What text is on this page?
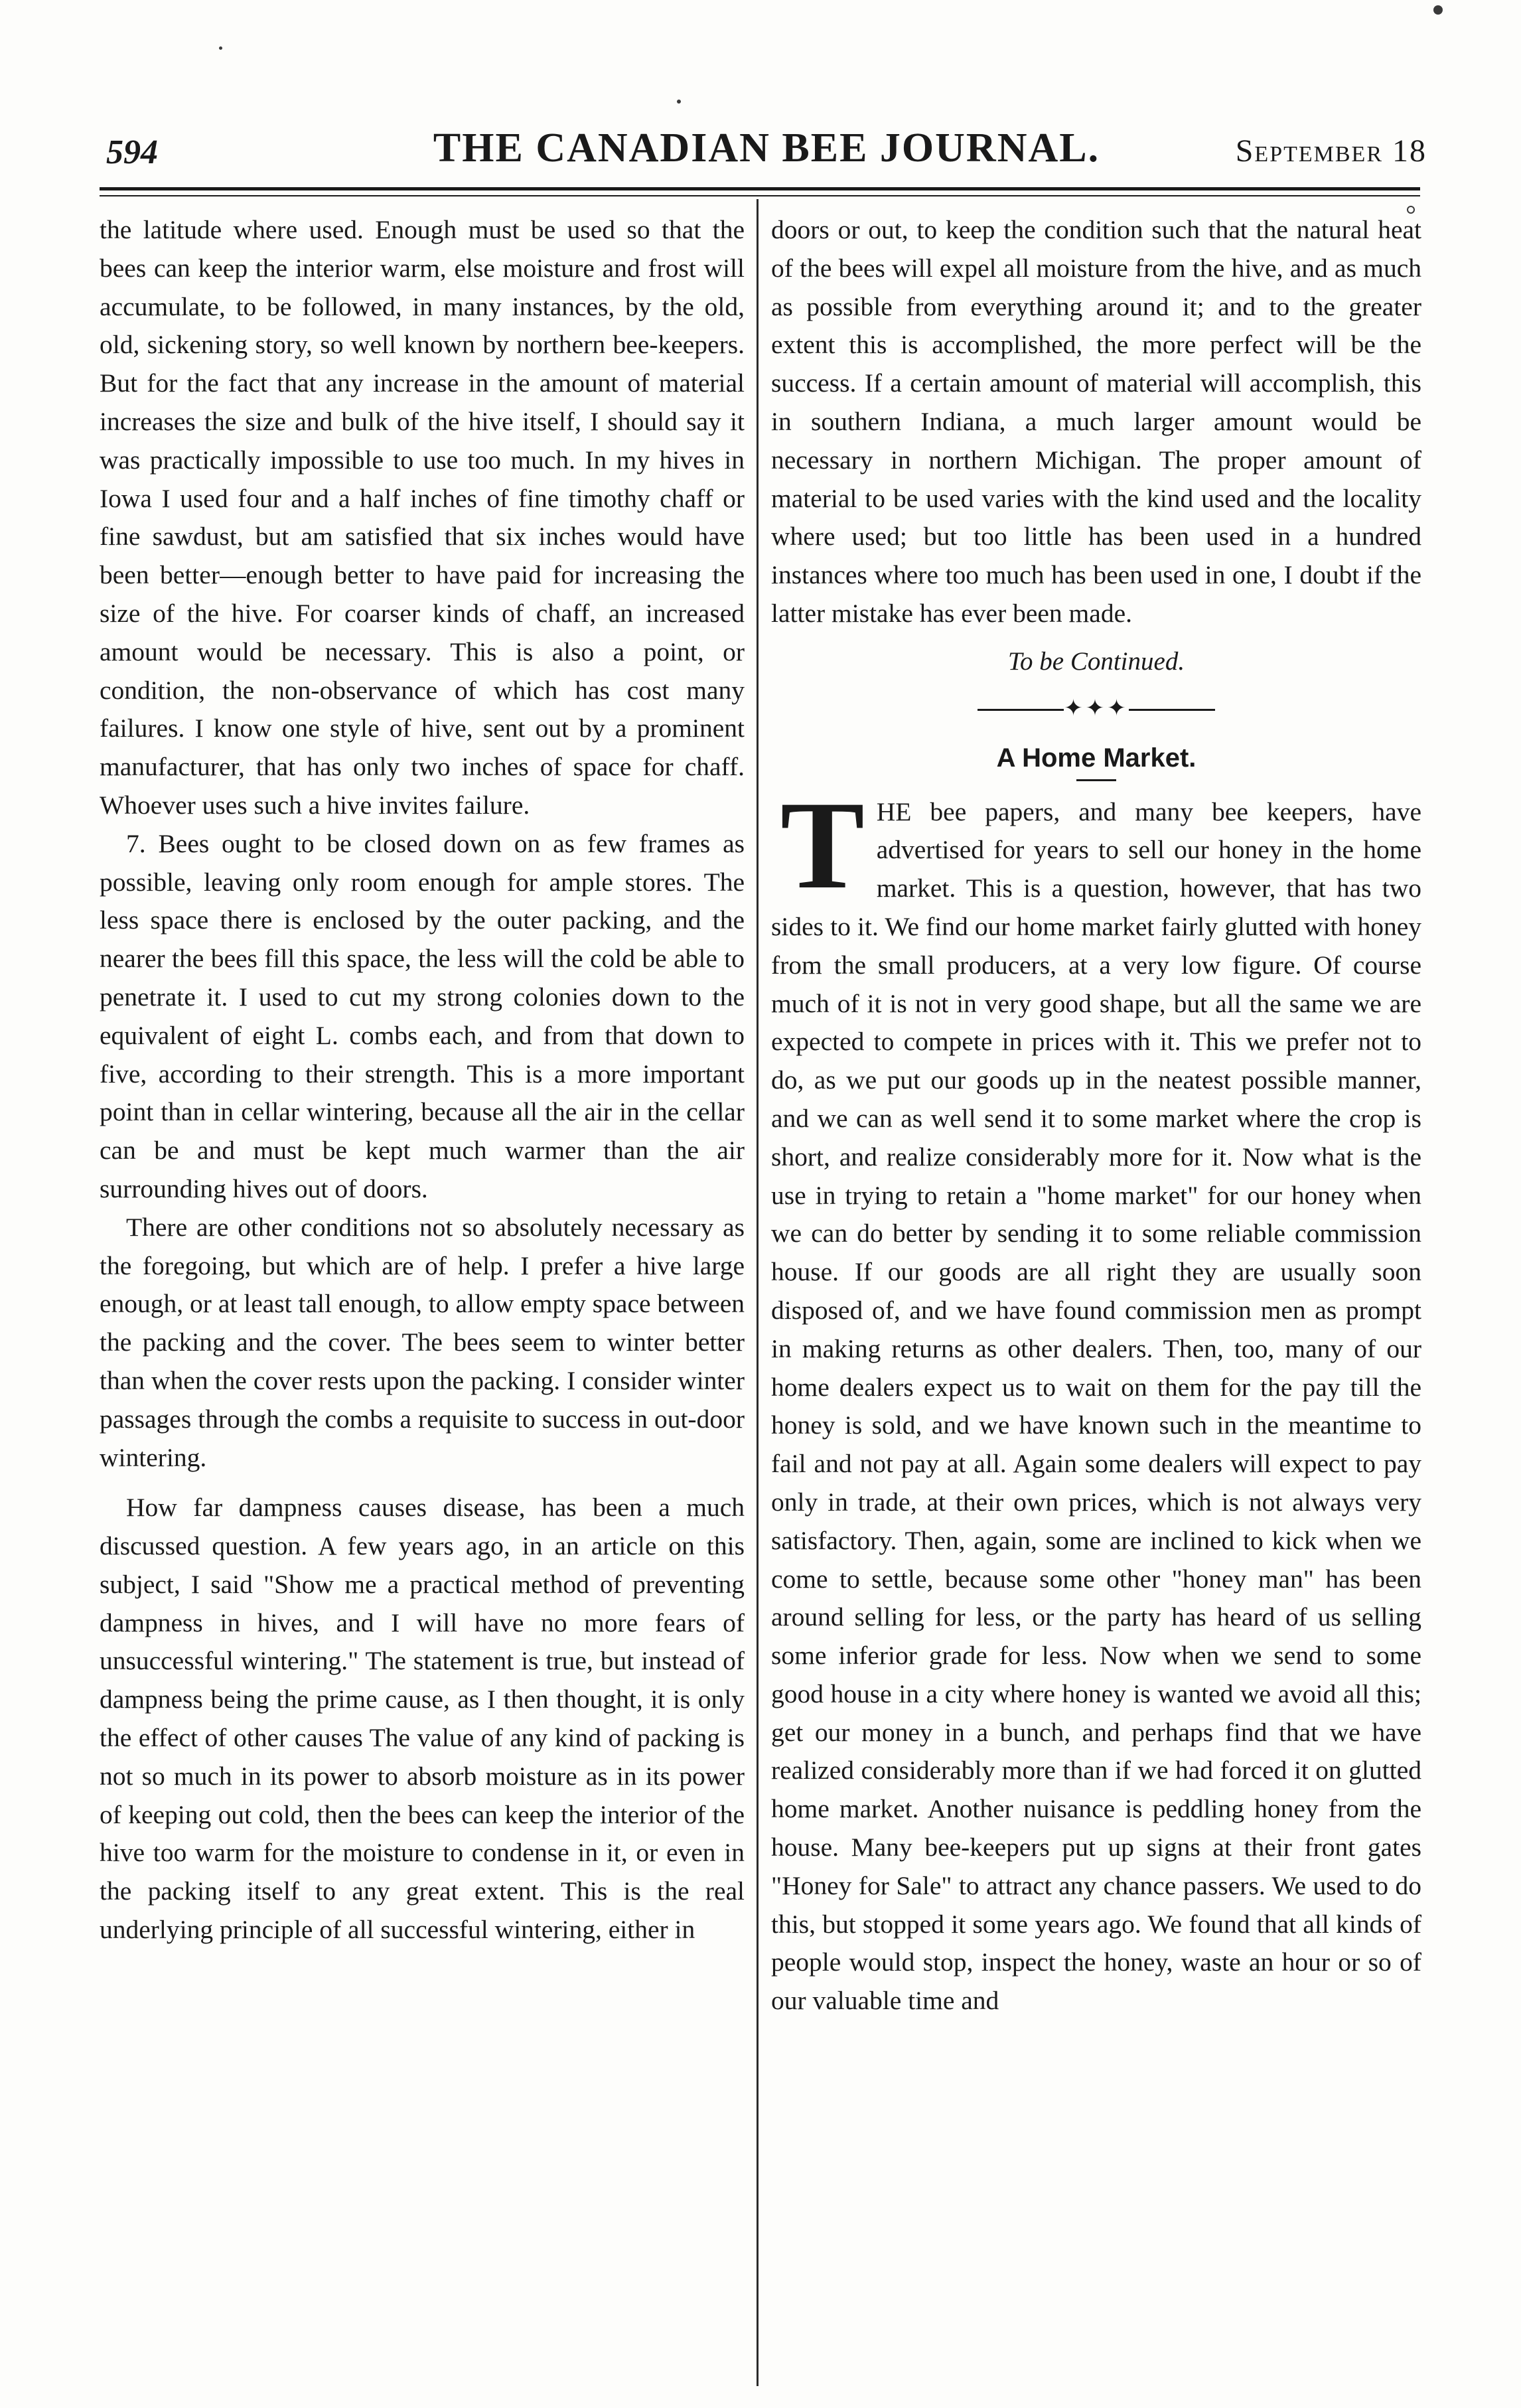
594	THE CANADIAN BEE JOURNAL.	September 18

the latitude where used. Enough must be used so that the bees can keep the interior warm, else moisture and frost will accumulate, to be followed, in many instances, by the old, old, sickening story, so well known by northern bee-keepers. But for the fact that any increase in the amount of material increases the size and bulk of the hive itself, I should say it was practically impossible to use too much. In my hives in Iowa I used four and a half inches of fine timothy chaff or fine sawdust, but am satisfied that six inches would have been better—enough better to have paid for increasing the size of the hive. For coarser kinds of chaff, an increased amount would be necessary. This is also a point, or condition, the non-observance of which has cost many failures. I know one style of hive, sent out by a prominent manufacturer, that has only two inches of space for chaff. Whoever uses such a hive invites failure.

7. Bees ought to be closed down on as few frames as possible, leaving only room enough for ample stores. The less space there is enclosed by the outer packing, and the nearer the bees fill this space, the less will the cold be able to penetrate it. I used to cut my strong colonies down to the equivalent of eight L. combs each, and from that down to five, according to their strength. This is a more important point than in cellar wintering, because all the air in the cellar can be and must be kept much warmer than the air surrounding hives out of doors.

There are other conditions not so absolutely necessary as the foregoing, but which are of help. I prefer a hive large enough, or at least tall enough, to allow empty space between the packing and the cover. The bees seem to winter better than when the cover rests upon the packing. I consider winter passages through the combs a requisite to success in out-door wintering.

How far dampness causes disease, has been a much discussed question. A few years ago, in an article on this subject, I said "Show me a practical method of preventing dampness in hives, and I will have no more fears of unsuccessful wintering." The statement is true, but instead of dampness being the prime cause, as I then thought, it is only the effect of other causes The value of any kind of packing is not so much in its power to absorb moisture as in its power of keeping out cold, then the bees can keep the interior of the hive too warm for the moisture to condense in it, or even in the packing itself to any great extent. This is the real underlying principle of all successful wintering, either in

doors or out, to keep the condition such that the natural heat of the bees will expel all moisture from the hive, and as much as possible from everything around it; and to the greater extent this is accomplished, the more perfect will be the success. If a certain amount of material will accomplish, this in southern Indiana, a much larger amount would be necessary in northern Michigan. The proper amount of material to be used varies with the kind used and the locality where used; but too little has been used in a hundred instances where too much has been used in one, I doubt if the latter mistake has ever been made.

To be Continued.
✦✦✦
A Home Market.
T HE bee papers, and many bee keepers, have advertised for years to sell our honey in the home market. This is a question, however, that has two sides to it. We find our home market fairly glutted with honey from the small producers, at a very low figure. Of course much of it is not in very good shape, but all the same we are expected to compete in prices with it. This we prefer not to do, as we put our goods up in the neatest possible manner, and we can as well send it to some market where the crop is short, and realize considerably more for it. Now what is the use in trying to retain a "home market" for our honey when we can do better by sending it to some reliable commission house. If our goods are all right they are usually soon disposed of, and we have found commission men as prompt in making returns as other dealers. Then, too, many of our home dealers expect us to wait on them for the pay till the honey is sold, and we have known such in the meantime to fail and not pay at all. Again some dealers will expect to pay only in trade, at their own prices, which is not always very satisfactory. Then, again, some are inclined to kick when we come to settle, because some other "honey man" has been around selling for less, or the party has heard of us selling some inferior grade for less. Now when we send to some good house in a city where honey is wanted we avoid all this; get our money in a bunch, and perhaps find that we have realized considerably more than if we had forced it on glutted home market. Another nuisance is peddling honey from the house. Many bee-keepers put up signs at their front gates "Honey for Sale" to attract any chance passers. We used to do this, but stopped it some years ago. We found that all kinds of people would stop, inspect the honey, waste an hour or so of our valuable time and
